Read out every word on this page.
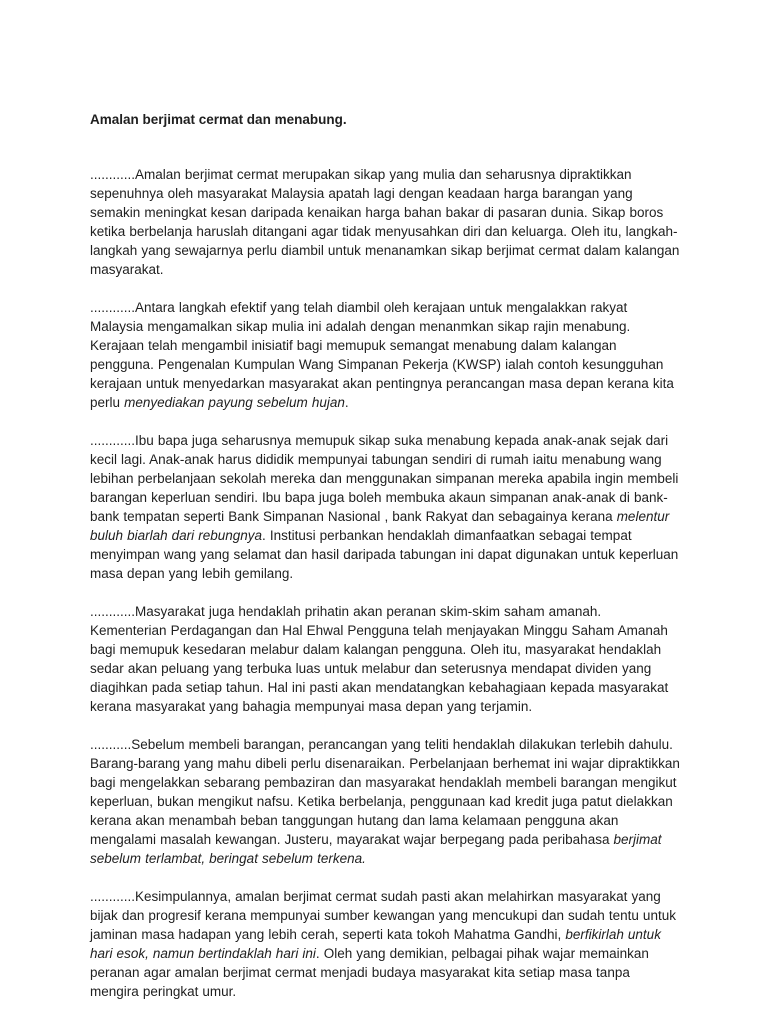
Amalan berjimat cermat dan menabung.

............Amalan berjimat cermat merupakan sikap yang mulia dan seharusnya dipraktikkan sepenuhnya oleh masyarakat Malaysia apatah lagi dengan keadaan harga barangan yang semakin meningkat kesan daripada kenaikan harga bahan bakar di pasaran dunia. Sikap boros ketika berbelanja haruslah ditangani agar tidak menyusahkan diri dan keluarga. Oleh itu, langkah-langkah yang sewajarnya perlu diambil untuk menanamkan sikap berjimat cermat dalam kalangan masyarakat.

............Antara langkah efektif yang telah diambil oleh kerajaan untuk mengalakkan rakyat Malaysia mengamalkan sikap mulia ini adalah dengan menanmkan sikap rajin menabung. Kerajaan telah mengambil inisiatif bagi memupuk semangat menabung dalam kalangan pengguna. Pengenalan Kumpulan Wang Simpanan Pekerja (KWSP) ialah contoh kesungguhan kerajaan untuk menyedarkan masyarakat akan pentingnya perancangan masa depan kerana kita perlu menyediakan payung sebelum hujan.

............Ibu bapa juga seharusnya memupuk sikap suka menabung kepada anak-anak sejak dari kecil lagi. Anak-anak harus dididik mempunyai tabungan sendiri di rumah iaitu menabung wang lebihan perbelanjaan sekolah mereka dan menggunakan simpanan mereka apabila ingin membeli barangan keperluan sendiri. Ibu bapa juga boleh membuka akaun simpanan anak-anak di bank-bank tempatan seperti Bank Simpanan Nasional , bank Rakyat dan sebagainya kerana melentur buluh biarlah dari rebungnya. Institusi perbankan hendaklah dimanfaatkan sebagai tempat menyimpan wang yang selamat dan hasil daripada tabungan ini dapat digunakan untuk keperluan masa depan yang lebih gemilang.

............Masyarakat juga hendaklah prihatin akan peranan skim-skim saham amanah. Kementerian Perdagangan dan Hal Ehwal Pengguna telah menjayakan Minggu Saham Amanah bagi memupuk kesedaran melabur dalam kalangan pengguna. Oleh itu, masyarakat hendaklah sedar akan peluang yang terbuka luas untuk melabur dan seterusnya mendapat dividen yang diagihkan pada setiap tahun. Hal ini pasti akan mendatangkan kebahagiaan kepada masyarakat kerana masyarakat yang bahagia mempunyai masa depan yang terjamin.

...........Sebelum membeli barangan, perancangan yang teliti hendaklah dilakukan terlebih dahulu. Barang-barang yang mahu dibeli perlu disenaraikan. Perbelanjaan berhemat ini wajar dipraktikkan bagi mengelakkan sebarang pembaziran dan masyarakat hendaklah membeli barangan mengikut keperluan, bukan mengikut nafsu. Ketika berbelanja, penggunaan kad kredit juga patut dielakkan kerana akan menambah beban tanggungan hutang dan lama kelamaan pengguna akan mengalami masalah kewangan. Justeru, mayarakat wajar berpegang pada peribahasa berjimat sebelum terlambat, beringat sebelum terkena.

............Kesimpulannya, amalan berjimat cermat sudah pasti akan melahirkan masyarakat yang bijak dan progresif kerana mempunyai sumber kewangan yang mencukupi dan sudah tentu untuk jaminan masa hadapan yang lebih cerah, seperti kata tokoh Mahatma Gandhi, berfikirlah untuk hari esok, namun bertindaklah hari ini. Oleh yang demikian, pelbagai pihak wajar memainkan peranan agar amalan berjimat cermat menjadi budaya masyarakat kita setiap masa tanpa mengira peringkat umur.
